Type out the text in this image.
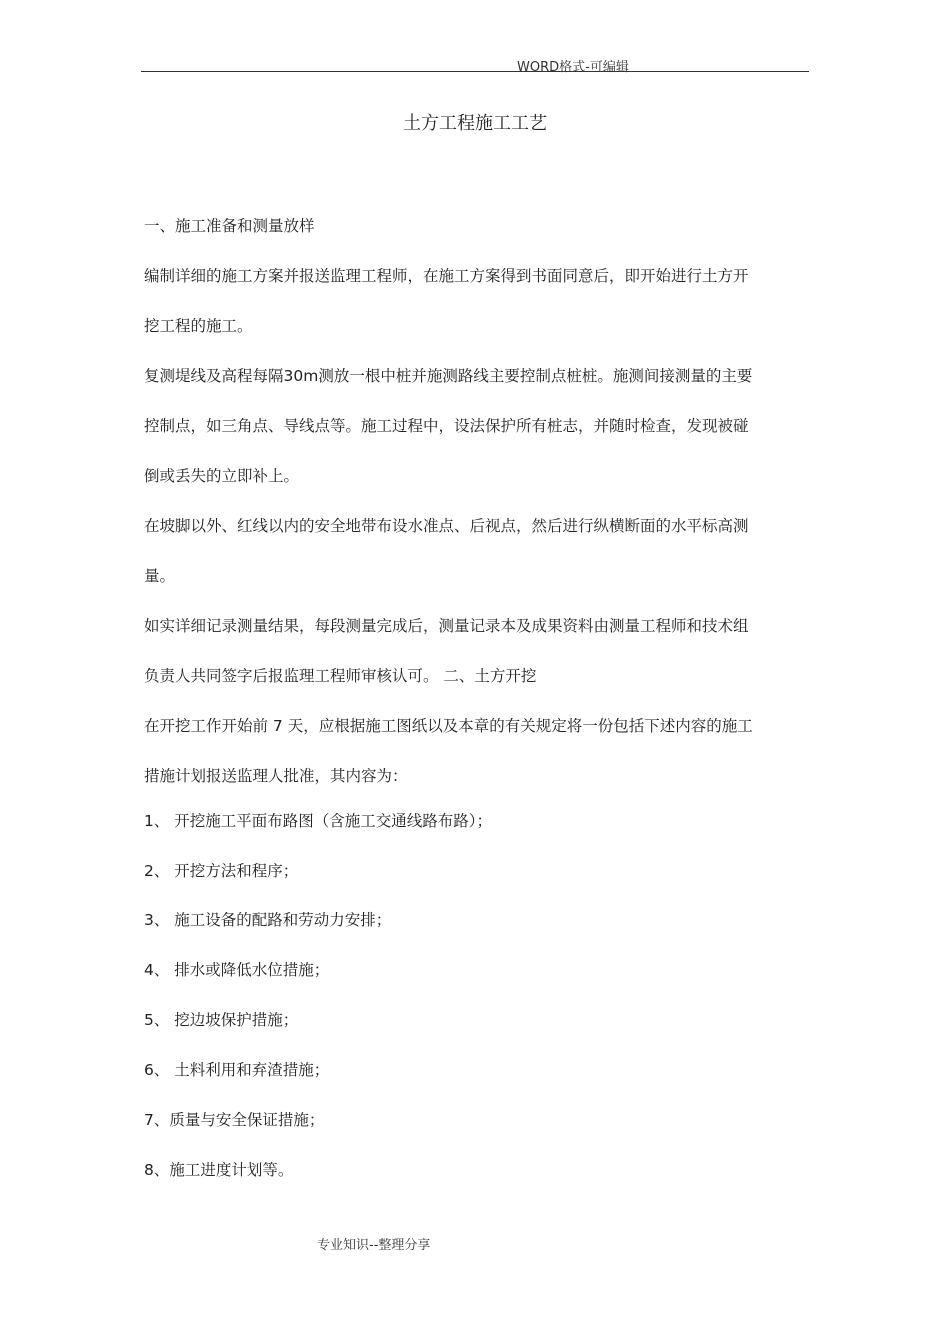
WORD格式-可编辑
土方工程施工工艺
一、施工准备和测量放样
编制详细的施工方案并报送监理工程师，在施工方案得到书面同意后，即开始进行土方开
挖工程的施工。
复测堤线及高程每隔30m测放一根中桩并施测路线主要控制点桩桩。施测间接测量的主要
控制点，如三角点、导线点等。施工过程中，设法保护所有桩志，并随时检查，发现被碰
倒或丢失的立即补上。
在坡脚以外、红线以内的安全地带布设水准点、后视点，然后进行纵横断面的水平标高测
量。
如实详细记录测量结果，每段测量完成后，测量记录本及成果资料由测量工程师和技术组
负责人共同签字后报监理工程师审核认可。 二、土方开挖
在开挖工作开始前 7 天，应根据施工图纸以及本章的有关规定将一份包括下述内容的施工
措施计划报送监理人批准，其内容为：
1、 开挖施工平面布路图（含施工交通线路布路）；
2、 开挖方法和程序；
3、 施工设备的配路和劳动力安排；
4、 排水或降低水位措施；
5、 挖边坡保护措施；
6、 土料利用和弃渣措施；
7、质量与安全保证措施；
8、施工进度计划等。
专业知识--整理分享
